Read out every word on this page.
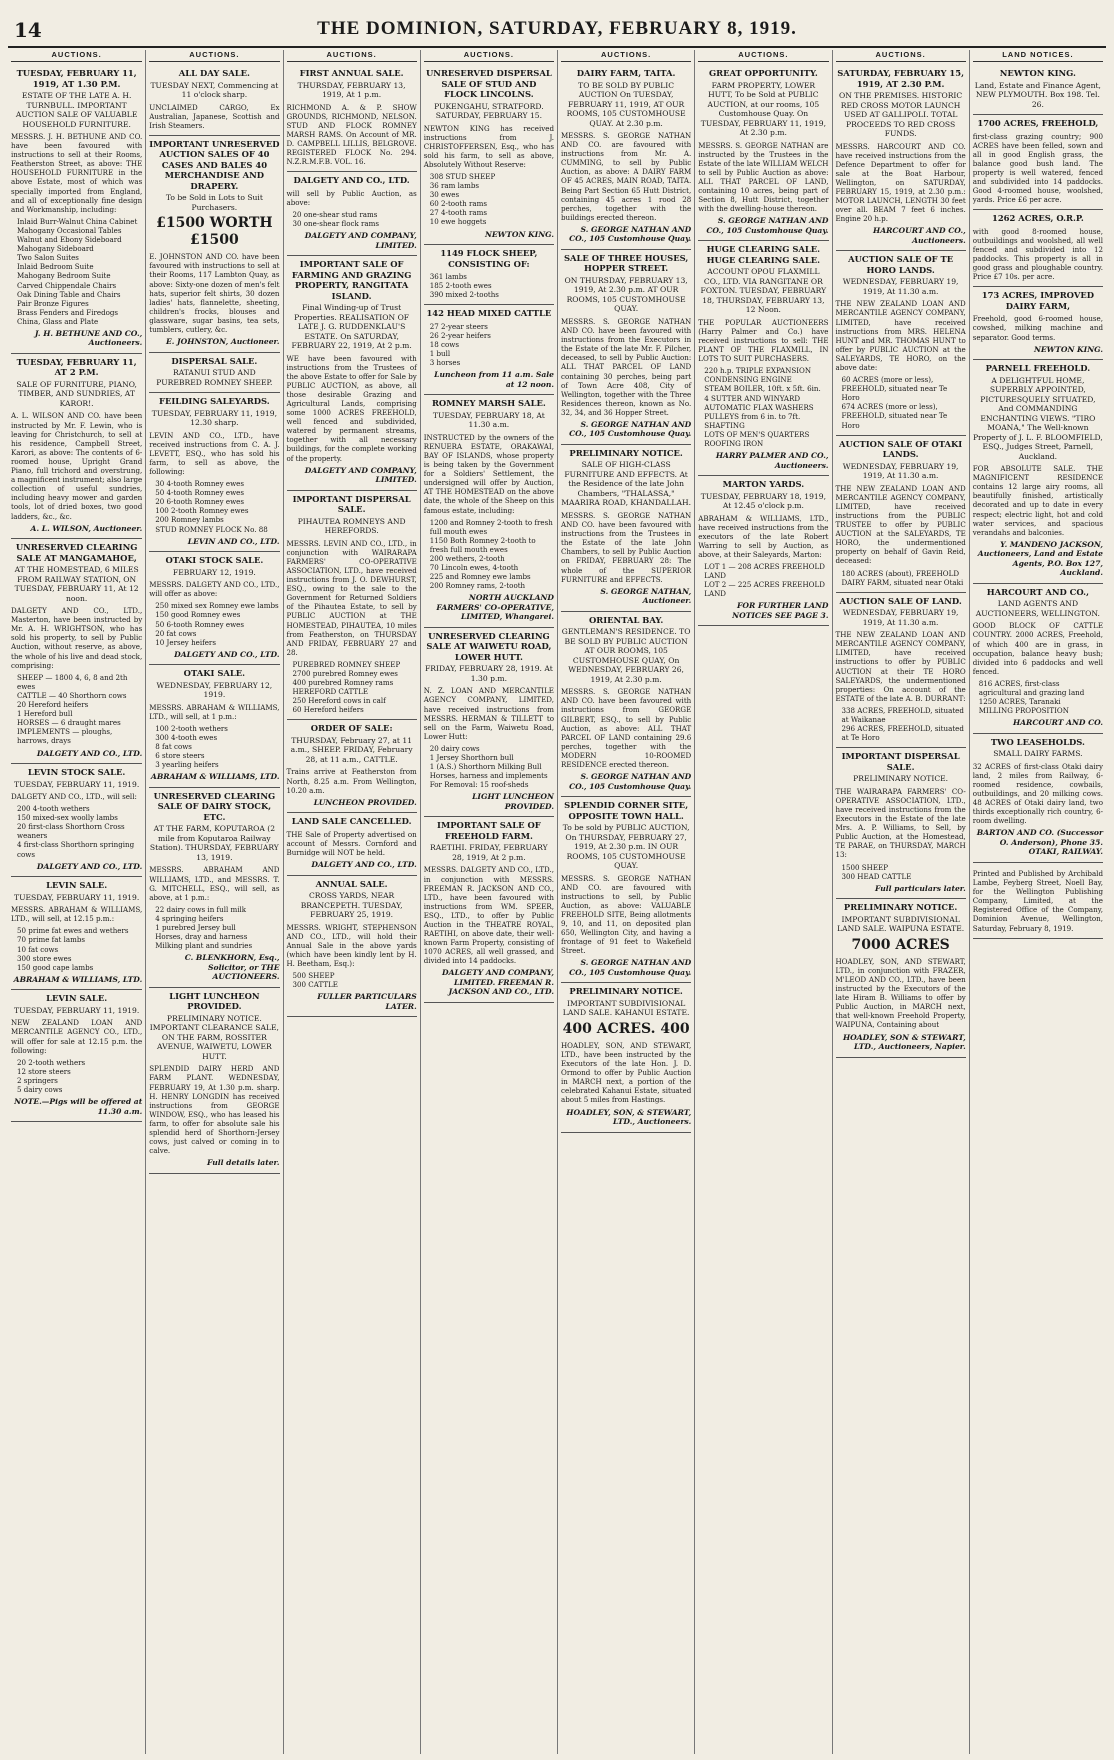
14	THE DOMINION, SATURDAY, FEBRUARY 8, 1919.
AUCTIONS.
TUESDAY, FEBRUARY 11, 1919, AT 1.30 P.M.
ESTATE OF THE LATE A. H. TURNBULL. IMPORTANT AUCTION SALE OF VALUABLE HOUSEHOLD FURNITURE.
MESSRS. J. H. BETHUNE AND CO. have been favoured with instructions to sell at their Rooms, Featherston Street, as above: THE HOUSEHOLD FURNITURE in the above Estate, most of which was specially imported from England, and all of exceptionally fine design and Workmanship, including:
Inlaid Burr-Walnut China Cabinet
Mahogany Occasional Tables
Walnut and Ebony Sideboard
Mahogany Sideboard
Two Salon Suites
Inlaid Bedroom Suite
Mahogany Bedroom Suite
Carved Chippendale Chairs
Oak Dining Table and Chairs
Pair Bronze Figures
Brass Fenders and Firedogs
China, Glass and Plate
J. H. BETHUNE AND CO., Auctioneers.
TUESDAY, FEBRUARY 11, AT 2 P.M.
SALE OF FURNITURE, PIANO, TIMBER, AND SUNDRIES, AT KAROR!.
A. L. WILSON AND CO. have been instructed by Mr. F. Lewin, who is leaving for Christchurch, to sell at his residence, Campbell Street, Karori, as above: The contents of 6-roomed house, Upright Grand Piano, full trichord and overstrung, a magnificent instrument; also large collection of useful sundries, including heavy mower and garden tools, lot of dried boxes, two good ladders, &c., &c.
A. L. WILSON, Auctioneer.
UNRESERVED CLEARING SALE AT MANGAMAHOE,
AT THE HOMESTEAD, 6 MILES FROM RAILWAY STATION, ON TUESDAY, FEBRUARY 11, At 12 noon.
DALGETY AND CO., LTD., Masterton, have been instructed by Mr. A. H. WRIGHTSON, who has sold his property, to sell by Public Auction, without reserve, as above, the whole of his live and dead stock, comprising:
SHEEP — 1800 4, 6, 8 and 2th ewes
CATTLE — 40 Shorthorn cows
20 Hereford heifers
1 Hereford bull
HORSES — 6 draught mares
IMPLEMENTS — ploughs, harrows, drays
DALGETY AND CO., LTD.
LEVIN STOCK SALE.
TUESDAY, FEBRUARY 11, 1919.
DALGETY AND CO., LTD., will sell:
200 4-tooth wethers
150 mixed-sex woolly lambs
20 first-class Shorthorn Cross weaners
4 first-class Shorthorn springing cows
DALGETY AND CO., LTD.
LEVIN SALE.
TUESDAY, FEBRUARY 11, 1919.
MESSRS. ABRAHAM & WILLIAMS, LTD., will sell, at 12.15 p.m.:
50 prime fat ewes and wethers
70 prime fat lambs
10 fat cows
300 store ewes
150 good cape lambs
ABRAHAM & WILLIAMS, LTD.
LEVIN SALE.
TUESDAY, FEBRUARY 11, 1919.
NEW ZEALAND LOAN AND MERCANTILE AGENCY CO., LTD., will offer for sale at 12.15 p.m. the following:
20 2-tooth wethers
12 store steers
2 springers
5 dairy cows
NOTE.—Pigs will be offered at 11.30 a.m.
AUCTIONS.
ALL DAY SALE.
TUESDAY NEXT, Commencing at 11 o'clock sharp.
UNCLAIMED CARGO, Ex Australian, Japanese, Scottish and Irish Steamers.
IMPORTANT UNRESERVED AUCTION SALES OF 40 CASES AND BALES 40 MERCHANDISE AND DRAPERY.
To be Sold in Lots to Suit Purchasers.
£1500 WORTH £1500
E. JOHNSTON AND CO. have been favoured with instructions to sell at their Rooms, 117 Lambton Quay, as above: Sixty-one dozen of men's felt hats, superior felt shirts, 30 dozen ladies' hats, flannelette, sheeting, children's frocks, blouses and glassware, sugar basins, tea sets, tumblers, cutlery, &c.
E. JOHNSTON, Auctioneer.
DISPERSAL SALE.
RATANUI STUD AND PUREBRED ROMNEY SHEEP.
FEILDING SALEYARDS.
TUESDAY, FEBRUARY 11, 1919, 12.30 sharp.
LEVIN AND CO., LTD., have received instructions from C. A. J. LEVETT, ESQ., who has sold his farm, to sell as above, the following:
30 4-tooth Romney ewes
50 4-tooth Romney ewes
20 6-tooth Romney ewes
100 2-tooth Romney ewes
200 Romney lambs
STUD ROMNEY FLOCK No. 88
LEVIN AND CO., LTD.
OTAKI STOCK SALE.
FEBRUARY 12, 1919.
MESSRS. DALGETY AND CO., LTD., will offer as above:
250 mixed sex Romney ewe lambs
150 good Romney ewes
50 6-tooth Romney ewes
20 fat cows
10 Jersey heifers
DALGETY AND CO., LTD.
OTAKI SALE.
WEDNESDAY, FEBRUARY 12, 1919.
MESSRS. ABRAHAM & WILLIAMS, LTD., will sell, at 1 p.m.:
100 2-tooth wethers
300 4-tooth ewes
8 fat cows
6 store steers
3 yearling heifers
ABRAHAM & WILLIAMS, LTD.
UNRESERVED CLEARING SALE OF DAIRY STOCK, ETC.
AT THE FARM, KOPUTAROA (2 mile from Koputaroa Railway Station). THURSDAY, FEBRUARY 13, 1919.
MESSRS. ABRAHAM AND WILLIAMS, LTD., and MESSRS. T. G. MITCHELL, ESQ., will sell, as above, at 1 p.m.:
22 dairy cows in full milk
4 springing heifers
1 purebred Jersey bull
Horses, dray and harness
Milking plant and sundries
C. BLENKHORN, Esq., Solicitor, or THE AUCTIONEERS.
LIGHT LUNCHEON PROVIDED.
PRELIMINARY NOTICE. IMPORTANT CLEARANCE SALE, ON THE FARM, ROSSITER AVENUE, WAIWETU, LOWER HUTT.
SPLENDID DAIRY HERD AND FARM PLANT. WEDNESDAY, FEBRUARY 19, At 1.30 p.m. sharp. H. HENRY LONGDIN has received instructions from GEORGE WINDOW, ESQ., who has leased his farm, to offer for absolute sale his splendid herd of Shorthorn-Jersey cows, just calved or coming in to calve.
Full details later.
AUCTIONS.
FIRST ANNUAL SALE.
THURSDAY, FEBRUARY 13, 1919, At 1 p.m.
RICHMOND A. & P. SHOW GROUNDS, RICHMOND, NELSON. STUD AND FLOCK ROMNEY MARSH RAMS. On Account of MR. D. CAMPBELL LILLIS, BELGROVE. REGISTERED FLOCK No. 294. N.Z.R.M.F.B. VOL. 16.
DALGETY AND CO., LTD.
will sell by Public Auction, as above:
20 one-shear stud rams
30 one-shear flock rams
DALGETY AND COMPANY, LIMITED.
IMPORTANT SALE OF FARMING AND GRAZING PROPERTY, RANGITATA ISLAND.
Final Winding-up of Trust Properties. REALISATION OF LATE J. G. RUDDENKLAU'S ESTATE. On SATURDAY, FEBRUARY 22, 1919, At 2 p.m.
WE have been favoured with instructions from the Trustees of the above Estate to offer for Sale by PUBLIC AUCTION, as above, all those desirable Grazing and Agricultural Lands, comprising some 1000 ACRES FREEHOLD, well fenced and subdivided, watered by permanent streams, together with all necessary buildings, for the complete working of the property.
DALGETY AND COMPANY, LIMITED.
IMPORTANT DISPERSAL SALE.
PIHAUTEA ROMNEYS AND HEREFORDS.
MESSRS. LEVIN AND CO., LTD., in conjunction with WAIRARAPA FARMERS' CO-OPERATIVE ASSOCIATION, LTD., have received instructions from J. O. DEWHURST, ESQ., owing to the sale to the Government for Returned Soldiers of the Pihautea Estate, to sell by PUBLIC AUCTION at THE HOMESTEAD, PIHAUTEA, 10 miles from Featherston, on THURSDAY AND FRIDAY, FEBRUARY 27 and 28.
PUREBRED ROMNEY SHEEP
2700 purebred Romney ewes
400 purebred Romney rams
HEREFORD CATTLE
250 Hereford cows in calf
60 Hereford heifers
ORDER OF SALE:
THURSDAY, February 27, at 11 a.m., SHEEP. FRIDAY, February 28, at 11 a.m., CATTLE.
Trains arrive at Featherston from North, 8.25 a.m. From Wellington, 10.20 a.m.
LUNCHEON PROVIDED.
LAND SALE CANCELLED.
THE Sale of Property advertised on account of Messrs. Cornford and Burnidge will NOT be held.
DALGETY AND CO., LTD.
ANNUAL SALE.
CROSS YARDS, NEAR BRANCEPETH. TUESDAY, FEBRUARY 25, 1919.
MESSRS. WRIGHT, STEPHENSON AND CO., LTD., will hold their Annual Sale in the above yards (which have been kindly lent by H. H. Beetham, Esq.):
500 SHEEP
300 CATTLE
FULLER PARTICULARS LATER.
AUCTIONS.
UNRESERVED DISPERSAL SALE OF STUD AND FLOCK LINCOLNS.
PUKENGAHU, STRATFORD. SATURDAY, FEBRUARY 15.
NEWTON KING has received instructions from J. CHRISTOFFERSEN, Esq., who has sold his farm, to sell as above, Absolutely Without Reserve:
308 STUD SHEEP
36 ram lambs
30 ewes
60 2-tooth rams
27 4-tooth rams
10 ewe hoggets
NEWTON KING.
1149 FLOCK SHEEP, CONSISTING OF:
361 lambs
185 2-tooth ewes
390 mixed 2-tooths
142 HEAD MIXED CATTLE
27 2-year steers
26 2-year heifers
18 cows
1 bull
3 horses
Luncheon from 11 a.m. Sale at 12 noon.
ROMNEY MARSH SALE.
TUESDAY, FEBRUARY 18, At 11.30 a.m.
INSTRUCTED by the owners of the RENUERA ESTATE, ORAKAWAI, BAY OF ISLANDS, whose property is being taken by the Government for a Soldiers' Settlement, the undersigned will offer by Auction, AT THE HOMESTEAD on the above date, the whole of the Sheep on this famous estate, including:
1200 and Romney 2-tooth to fresh full mouth ewes
1150 Both Romney 2-tooth to fresh full mouth ewes
200 wethers, 2-tooth
70 Lincoln ewes, 4-tooth
225 and Romney ewe lambs
200 Romney rams, 2-tooth
NORTH AUCKLAND FARMERS' CO-OPERATIVE, LIMITED, Whangarei.
UNRESERVED CLEARING SALE AT WAIWETU ROAD, LOWER HUTT.
FRIDAY, FEBRUARY 28, 1919. At 1.30 p.m.
N. Z. LOAN AND MERCANTILE AGENCY COMPANY, LIMITED, have received instructions from MESSRS. HERMAN & TILLETT to sell on the Farm, Waiwetu Road, Lower Hutt:
20 dairy cows
1 Jersey Shorthorn bull
1 (A.S.) Shorthorn Milking Bull
Horses, harness and implements
For Removal: 15 roof-sheds
LIGHT LUNCHEON PROVIDED.
IMPORTANT SALE OF FREEHOLD FARM.
RAETIHI. FRIDAY, FEBRUARY 28, 1919, At 2 p.m.
MESSRS. DALGETY AND CO., LTD., in conjunction with MESSRS. FREEMAN R. JACKSON AND CO., LTD., have been favoured with instructions from WM. SPEER, ESQ., LTD., to offer by Public Auction in the THEATRE ROYAL, RAETIHI, on above date, their well-known Farm Property, consisting of 1070 ACRES, all well grassed, and divided into 14 paddocks.
DALGETY AND COMPANY, LIMITED. FREEMAN R. JACKSON AND CO., LTD.
AUCTIONS.
DAIRY FARM, TAITA.
TO BE SOLD BY PUBLIC AUCTION On TUESDAY, FEBRUARY 11, 1919, AT OUR ROOMS, 105 CUSTOMHOUSE QUAY. At 2.30 p.m.
MESSRS. S. GEORGE NATHAN AND CO. are favoured with instructions from Mr. A. CUMMING, to sell by Public Auction, as above: A DAIRY FARM OF 45 ACRES, MAIN ROAD, TAITA. Being Part Section 65 Hutt District, containing 45 acres 1 rood 28 perches, together with the buildings erected thereon.
S. GEORGE NATHAN AND CO., 105 Customhouse Quay.
SALE OF THREE HOUSES, HOPPER STREET.
ON THURSDAY, FEBRUARY 13, 1919, At 2.30 p.m. AT OUR ROOMS, 105 CUSTOMHOUSE QUAY.
MESSRS. S. GEORGE NATHAN AND CO. have been favoured with instructions from the Executors in the Estate of the late Mr. F. Pilcher, deceased, to sell by Public Auction: ALL THAT PARCEL OF LAND containing 30 perches, being part of Town Acre 408, City of Wellington, together with the Three Residences thereon, known as No. 32, 34, and 36 Hopper Street.
S. GEORGE NATHAN AND CO., 105 Customhouse Quay.
PRELIMINARY NOTICE.
SALE OF HIGH-CLASS FURNITURE AND EFFECTS. At the Residence of the late John Chambers, "THALASSA," MAARIRA ROAD, KHANDALLAH.
MESSRS. S. GEORGE NATHAN AND CO. have been favoured with instructions from the Trustees in the Estate of the late John Chambers, to sell by Public Auction on FRIDAY, FEBRUARY 28: The whole of the SUPERIOR FURNITURE and EFFECTS.
S. GEORGE NATHAN, Auctioneer.
ORIENTAL BAY.
GENTLEMAN'S RESIDENCE. TO BE SOLD BY PUBLIC AUCTION AT OUR ROOMS, 105 CUSTOMHOUSE QUAY, On WEDNESDAY, FEBRUARY 26, 1919, At 2.30 p.m.
MESSRS. S. GEORGE NATHAN AND CO. have been favoured with instructions from GEORGE GILBERT, ESQ., to sell by Public Auction, as above: ALL THAT PARCEL OF LAND containing 29.6 perches, together with the MODERN 10-ROOMED RESIDENCE erected thereon.
S. GEORGE NATHAN AND CO., 105 Customhouse Quay.
SPLENDID CORNER SITE, OPPOSITE TOWN HALL.
To be sold by PUBLIC AUCTION, On THURSDAY, FEBRUARY 27, 1919, At 2.30 p.m. IN OUR ROOMS, 105 CUSTOMHOUSE QUAY.
MESSRS. S. GEORGE NATHAN AND CO. are favoured with instructions to sell, by Public Auction, as above: VALUABLE FREEHOLD SITE, Being allotments 9, 10, and 11, on deposited plan 650, Wellington City, and having a frontage of 91 feet to Wakefield Street.
S. GEORGE NATHAN AND CO., 105 Customhouse Quay.
PRELIMINARY NOTICE.
IMPORTANT SUBDIVISIONAL LAND SALE. KAHANUI ESTATE.
400 ACRES. 400
HOADLEY, SON, AND STEWART, LTD., have been instructed by the Executors of the late Hon. J. D. Ormond to offer by Public Auction in MARCH next, a portion of the celebrated Kahanui Estate, situated about 5 miles from Hastings.
HOADLEY, SON, & STEWART, LTD., Auctioneers.
AUCTIONS.
GREAT OPPORTUNITY.
FARM PROPERTY, LOWER HUTT, To be Sold at PUBLIC AUCTION, at our rooms, 105 Customhouse Quay. On TUESDAY, FEBRUARY 11, 1919, At 2.30 p.m.
MESSRS. S. GEORGE NATHAN are instructed by the Trustees in the Estate of the late WILLIAM WELCH to sell by Public Auction as above: ALL THAT PARCEL OF LAND, containing 10 acres, being part of Section 8, Hutt District, together with the dwelling-house thereon.
S. GEORGE NATHAN AND CO., 105 Customhouse Quay.
HUGE CLEARING SALE. HUGE CLEARING SALE.
ACCOUNT OPOU FLAXMILL CO., LTD. VIA RANGITANE OR FOXTON. TUESDAY, FEBRUARY 18, THURSDAY, FEBRUARY 13, 12 Noon.
THE POPULAR AUCTIONEERS (Harry Palmer and Co.) have received instructions to sell: THE PLANT OF THE FLAXMILL, IN LOTS TO SUIT PURCHASERS.
220 h.p. TRIPLE EXPANSION CONDENSING ENGINE
STEAM BOILER, 10ft. x 5ft. 6in.
4 SUTTER AND WINYARD AUTOMATIC FLAX WASHERS
PULLEYS from 6 in. to 7ft.
SHAFTING
LOTS OF MEN'S QUARTERS
ROOFING IRON
HARRY PALMER AND CO., Auctioneers.
MARTON YARDS.
TUESDAY, FEBRUARY 18, 1919, At 12.45 o'clock p.m.
ABRAHAM & WILLIAMS, LTD., have received instructions from the executors of the late Robert Warring to sell by Auction, as above, at their Saleyards, Marton:
LOT 1 — 208 ACRES FREEHOLD LAND
LOT 2 — 225 ACRES FREEHOLD LAND
FOR FURTHER LAND NOTICES SEE PAGE 3.
AUCTIONS.
SATURDAY, FEBRUARY 15, 1919, AT 2.30 P.M.
ON THE PREMISES. HISTORIC RED CROSS MOTOR LAUNCH USED AT GALLIPOLI. TOTAL PROCEEDS TO RED CROSS FUNDS.
MESSRS. HARCOURT AND CO. have received instructions from the Defence Department to offer for sale at the Boat Harbour, Wellington, on SATURDAY, FEBRUARY 15, 1919, at 2.30 p.m.: MOTOR LAUNCH, LENGTH 30 feet over all. BEAM 7 feet 6 inches. Engine 20 h.p.
HARCOURT AND CO., Auctioneers.
AUCTION SALE OF TE HORO LANDS.
WEDNESDAY, FEBRUARY 19, 1919, At 11.30 a.m.
THE NEW ZEALAND LOAN AND MERCANTILE AGENCY COMPANY, LIMITED, have received instructions from MRS. HELENA HUNT and MR. THOMAS HUNT to offer by PUBLIC AUCTION at the SALEYARDS, TE HORO, on the above date:
60 ACRES (more or less), FREEHOLD, situated near Te Horo
674 ACRES (more or less), FREEHOLD, situated near Te Horo
AUCTION SALE OF OTAKI LANDS.
WEDNESDAY, FEBRUARY 19, 1919, At 11.30 a.m.
THE NEW ZEALAND LOAN AND MERCANTILE AGENCY COMPANY, LIMITED, have received instructions from the PUBLIC TRUSTEE to offer by PUBLIC AUCTION at the SALEYARDS, TE HORO, the undermentioned property on behalf of Gavin Reid, deceased:
180 ACRES (about), FREEHOLD DAIRY FARM, situated near Otaki
AUCTION SALE OF LAND.
WEDNESDAY, FEBRUARY 19, 1919, At 11.30 a.m.
THE NEW ZEALAND LOAN AND MERCANTILE AGENCY COMPANY, LIMITED, have received instructions to offer by PUBLIC AUCTION at their TE HORO SALEYARDS, the undermentioned properties: On account of the ESTATE of the late A. B. DURRANT:
338 ACRES, FREEHOLD, situated at Waikanae
296 ACRES, FREEHOLD, situated at Te Horo
IMPORTANT DISPERSAL SALE.
PRELIMINARY NOTICE.
THE WAIRARAPA FARMERS' CO-OPERATIVE ASSOCIATION, LTD., have received instructions from the Executors in the Estate of the late Mrs. A. P. Williams, to Sell, by Public Auction, at the Homestead, TE PARAE, on THURSDAY, MARCH 13:
1500 SHEEP
300 HEAD CATTLE
Full particulars later.
PRELIMINARY NOTICE.
IMPORTANT SUBDIVISIONAL LAND SALE. WAIPUNA ESTATE.
7000 ACRES
HOADLEY, SON, AND STEWART, LTD., in conjunction with FRAZER, M'LEOD AND CO., LTD., have been instructed by the Executors of the late Hiram B. Williams to offer by Public Auction, in MARCH next, that well-known Freehold Property, WAIPUNA, Containing about
HOADLEY, SON & STEWART, LTD., Auctioneers, Napier.
LAND NOTICES.
NEWTON KING.
Land, Estate and Finance Agent, NEW PLYMOUTH. Box 198. Tel. 26.
1700 ACRES, FREEHOLD,
first-class grazing country; 900 ACRES have been felled, sown and all in good English grass, the balance good bush land. The property is well watered, fenced and subdivided into 14 paddocks. Good 4-roomed house, woolshed, yards. Price £6 per acre.
1262 ACRES, O.R.P.
with good 8-roomed house, outbuildings and woolshed, all well fenced and subdivided into 12 paddocks. This property is all in good grass and ploughable country. Price £7 10s. per acre.
173 ACRES, IMPROVED DAIRY FARM,
Freehold, good 6-roomed house, cowshed, milking machine and separator. Good terms.
NEWTON KING.
PARNELL FREEHOLD.
A DELIGHTFUL HOME, SUPERBLY APPOINTED, PICTURESQUELY SITUATED, And COMMANDING ENCHANTING VIEWS. "TIRO MOANA," The Well-known Property of J. L. F. BLOOMFIELD, ESQ., Judges Street, Parnell, Auckland.
FOR ABSOLUTE SALE. THE MAGNIFICENT RESIDENCE contains 12 large airy rooms, all beautifully finished, artistically decorated and up to date in every respect; electric light, hot and cold water services, and spacious verandahs and balconies.
Y. MANDENO JACKSON, Auctioneers, Land and Estate Agents, P.O. Box 127, Auckland.
HARCOURT AND CO.,
LAND AGENTS AND AUCTIONEERS, WELLINGTON.
GOOD BLOCK OF CATTLE COUNTRY. 2000 ACRES, Freehold, of which 400 are in grass, in occupation, balance heavy bush; divided into 6 paddocks and well fenced.
816 ACRES, first-class agricultural and grazing land
1250 ACRES, Taranaki
MILLING PROPOSITION
HARCOURT AND CO.
TWO LEASEHOLDS.
SMALL DAIRY FARMS.
32 ACRES of first-class Otaki dairy land, 2 miles from Railway, 6-roomed residence, cowbails, outbuildings, and 20 milking cows. 48 ACRES of Otaki dairy land, two thirds exceptionally rich country, 6-room dwelling.
BARTON AND CO. (Successor O. Anderson), Phone 35. OTAKI, RAILWAY.
Printed and Published by Archibald Lambe, Feyberg Street, Noell Bay, for the Wellington Publishing Company, Limited, at the Registered Office of the Company, Dominion Avenue, Wellington, Saturday, February 8, 1919.
